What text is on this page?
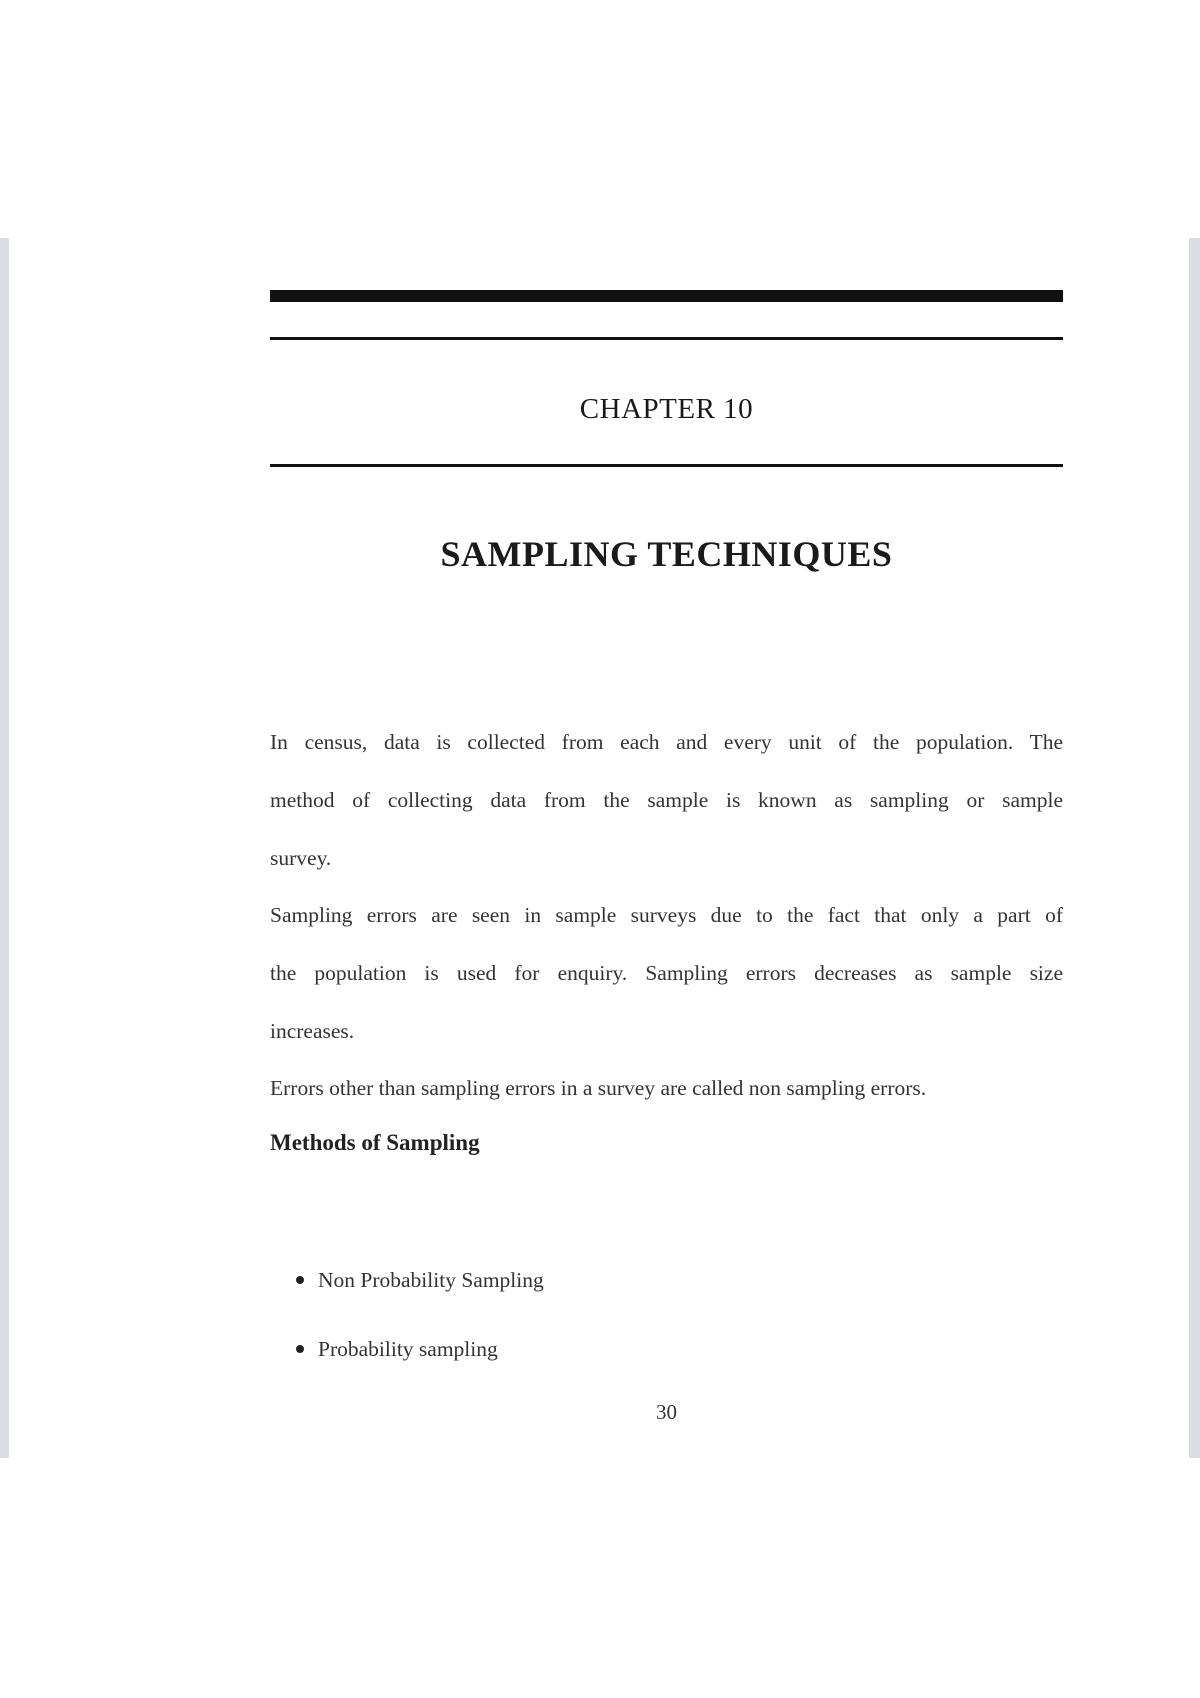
CHAPTER 10
SAMPLING TECHNIQUES
In census, data is collected from each and every unit of the population. The
method of collecting data from the sample is known as sampling or sample
survey.
Sampling errors are seen in sample surveys due to the fact that only a part of
the population is used for enquiry. Sampling errors decreases as sample size
increases.
Errors other than sampling errors in a survey are called non sampling errors.
Methods of Sampling
Non Probability Sampling
Probability sampling
30
